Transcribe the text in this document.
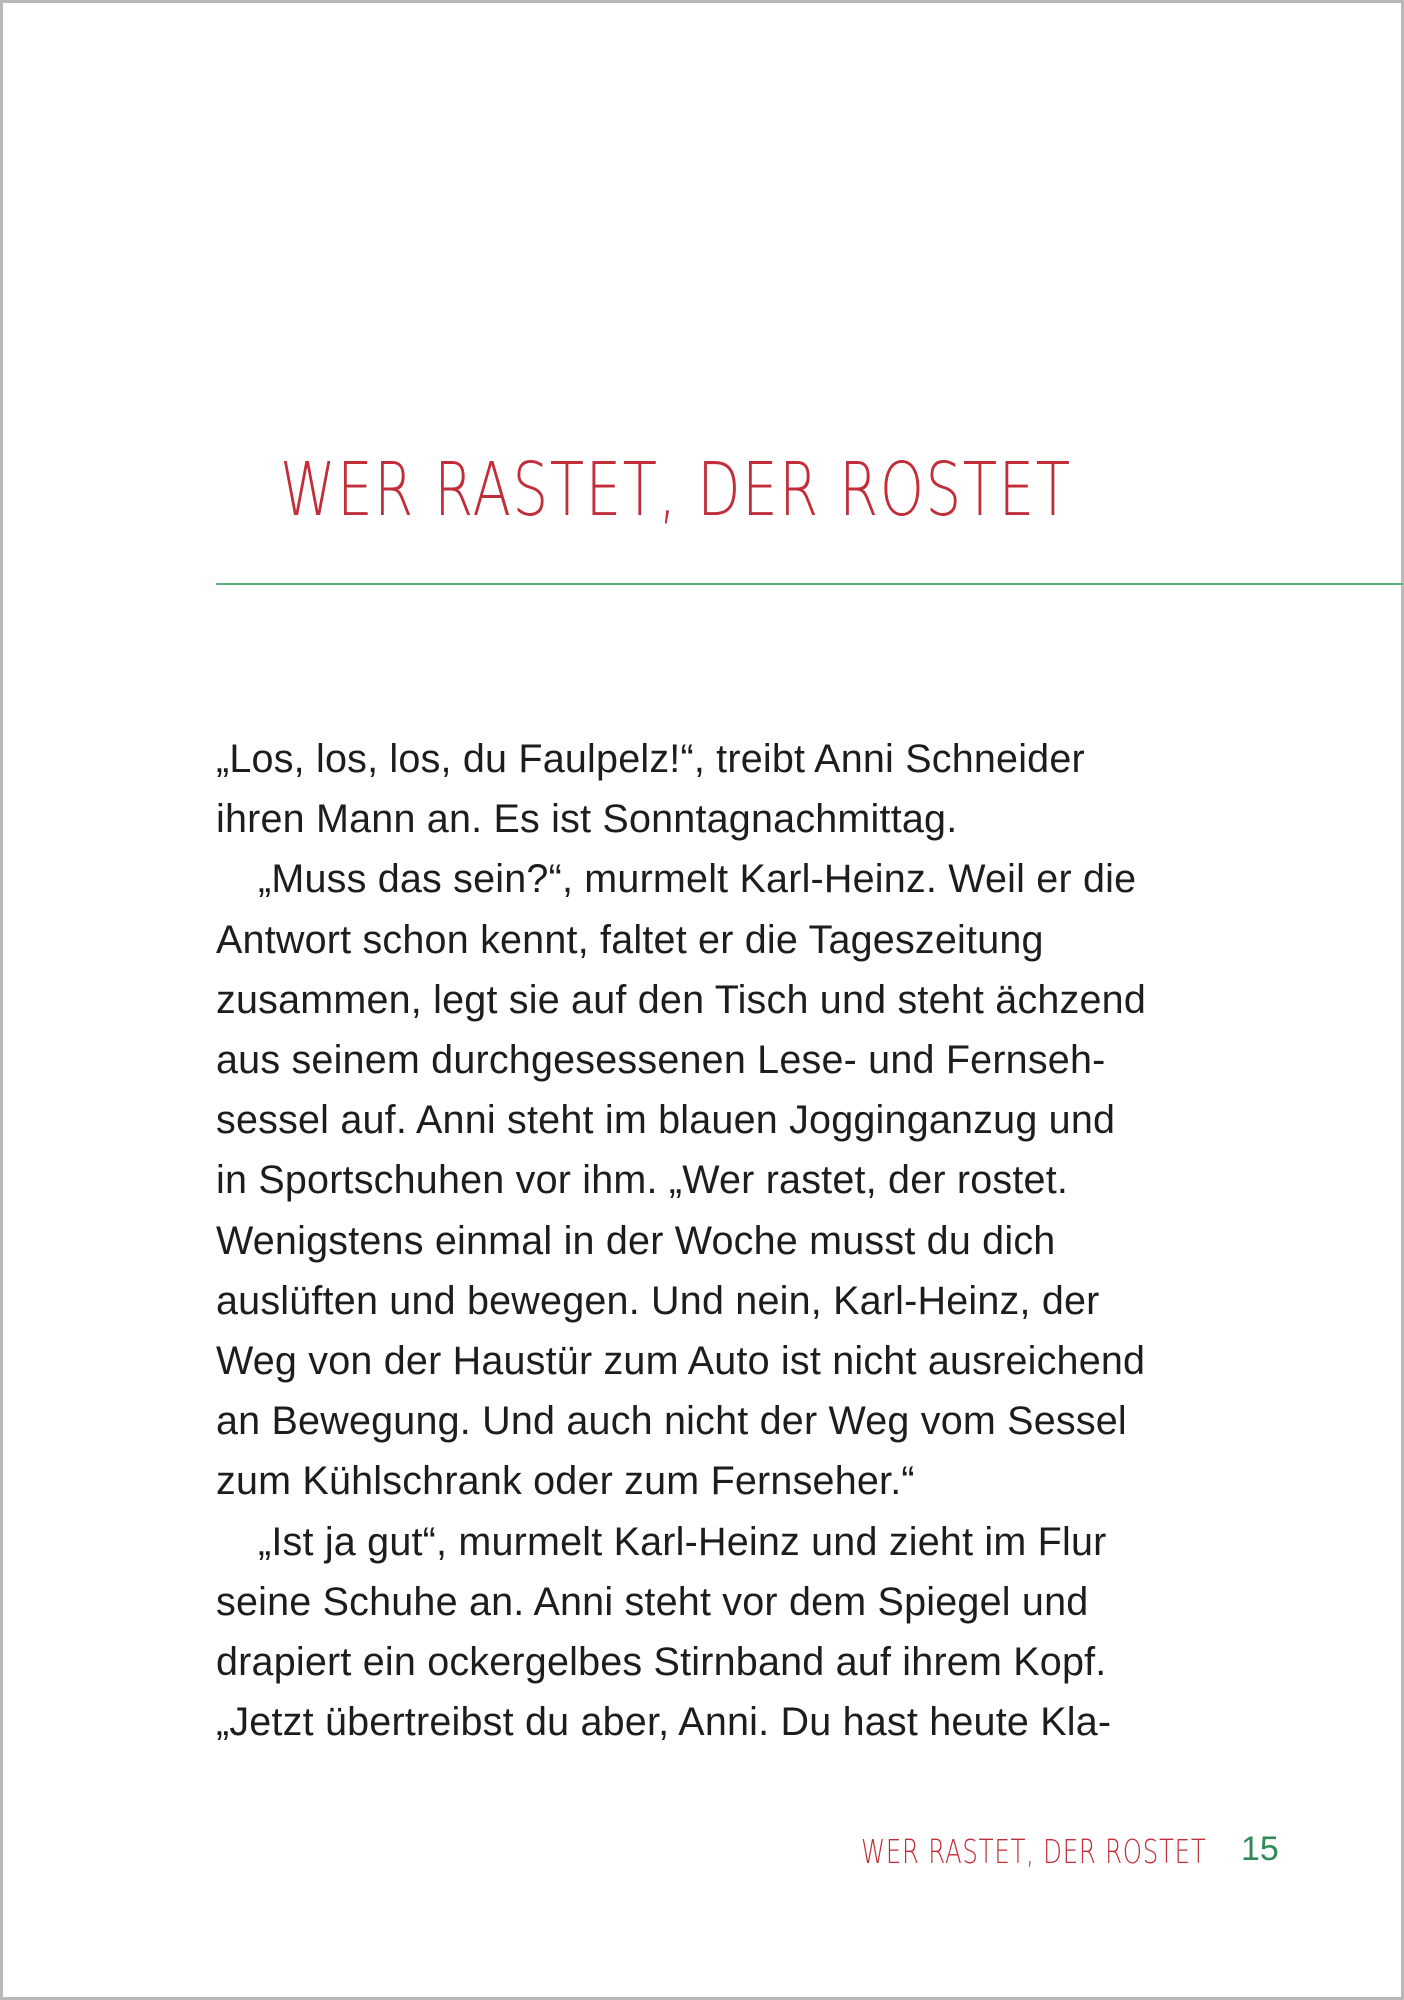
WER RASTET, DER ROSTET
„Los, los, los, du Faulpelz!“, treibt Anni Schneider
ihren Mann an. Es ist Sonntagnachmittag.
„Muss das sein?“, murmelt Karl-Heinz. Weil er die
Antwort schon kennt, faltet er die Tageszeitung
zusammen, legt sie auf den Tisch und steht ächzend
aus seinem durchgesessenen Lese- und Fernseh-
sessel auf. Anni steht im blauen Jogginganzug und
in Sportschuhen vor ihm. „Wer rastet, der rostet.
Wenigstens einmal in der Woche musst du dich
auslüften und bewegen. Und nein, Karl-Heinz, der
Weg von der Haustür zum Auto ist nicht ausreichend
an Bewegung. Und auch nicht der Weg vom Sessel
zum Kühlschrank oder zum Fernseher.“
„Ist ja gut“, murmelt Karl-Heinz und zieht im Flur
seine Schuhe an. Anni steht vor dem Spiegel und
drapiert ein ockergelbes Stirnband auf ihrem Kopf.
„Jetzt übertreibst du aber, Anni. Du hast heute Kla-
WER RASTET, DER ROSTET 15
